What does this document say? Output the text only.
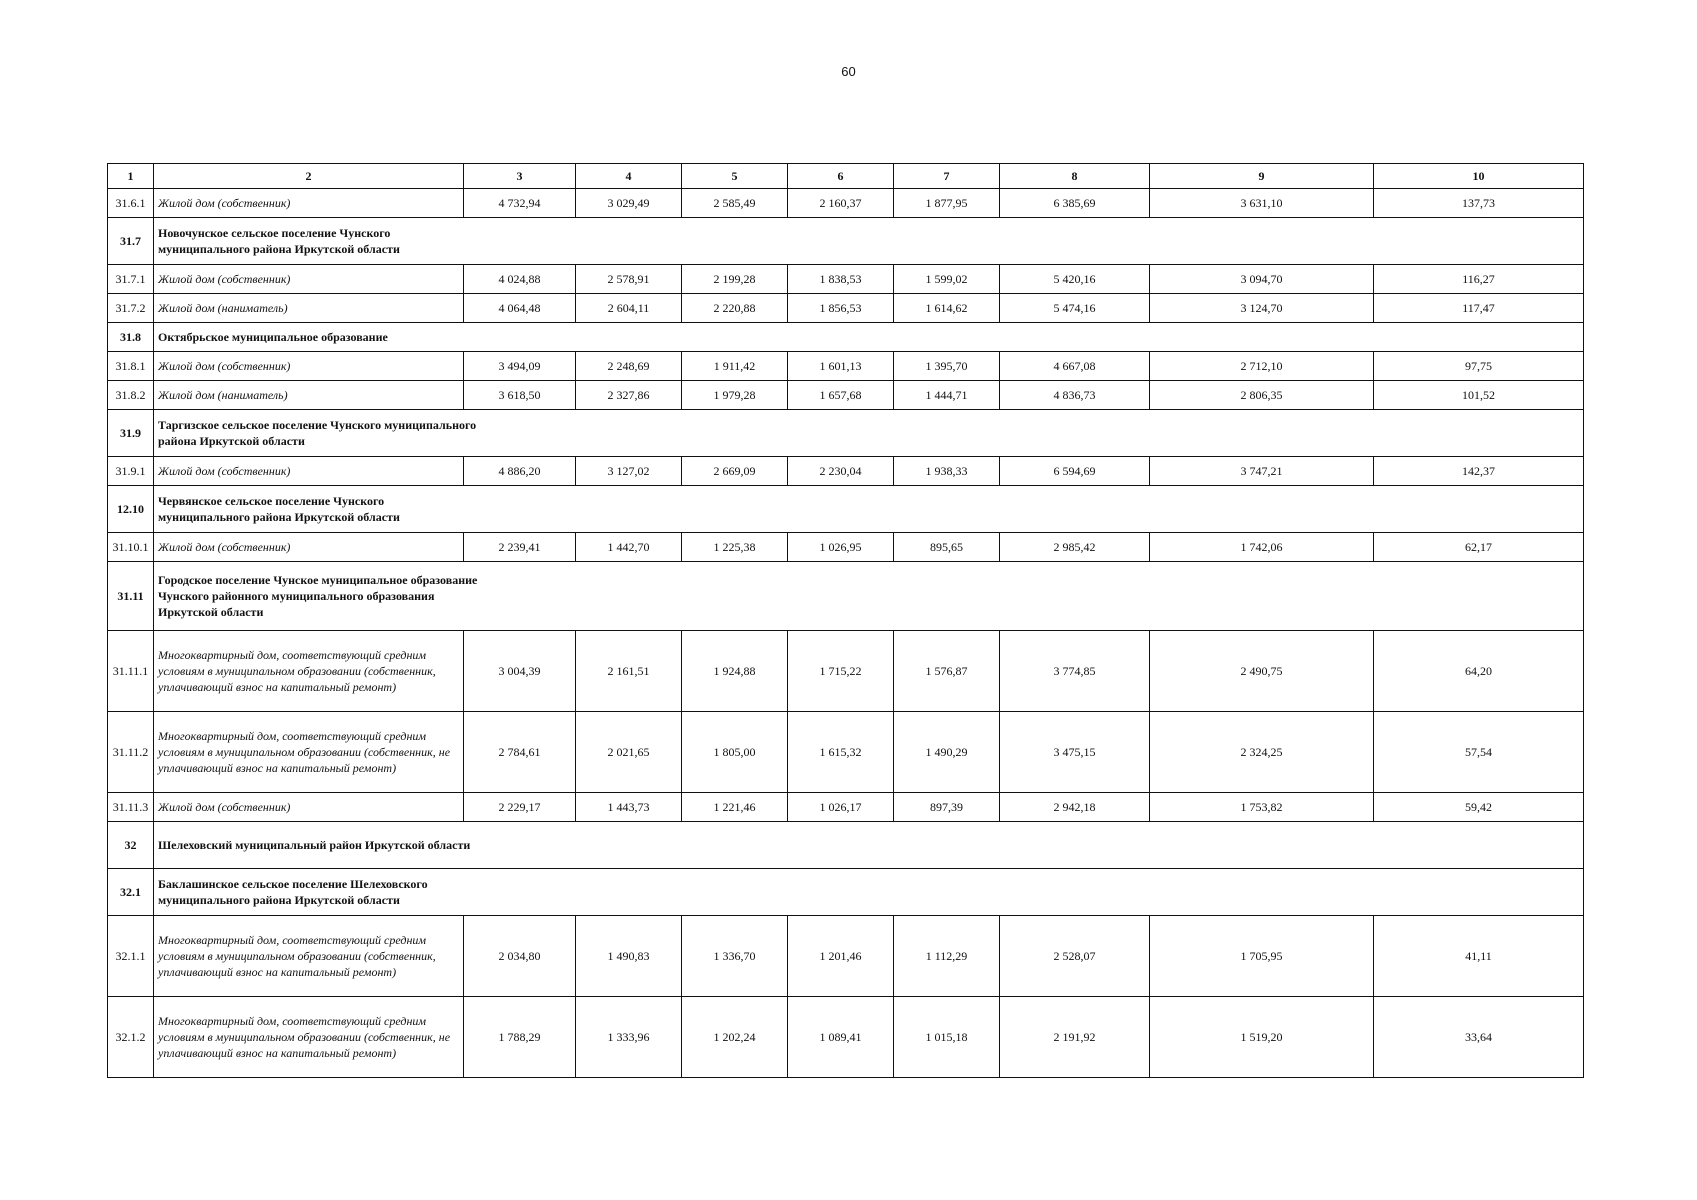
60
1	2	3	4	5	6	7	8	9	10
31.6.1	Жилой дом (собственник)	4 732,94	3 029,49	2 585,49	2 160,37	1 877,95	6 385,69	3 631,10	137,73
31.7	Новочунское сельское поселение Чунского муниципального района Иркутской области								

31.7.1	Жилой дом (собственник)	4 024,88	2 578,91	2 199,28	1 838,53	1 599,02	5 420,16	3 094,70	116,27
31.7.2	Жилой дом (наниматель)	4 064,48	2 604,11	2 220,88	1 856,53	1 614,62	5 474,16	3 124,70	117,47
31.8	Октябрьское муниципальное образование								

31.8.1	Жилой дом (собственник)	3 494,09	2 248,69	1 911,42	1 601,13	1 395,70	4 667,08	2 712,10	97,75
31.8.2	Жилой дом (наниматель)	3 618,50	2 327,86	1 979,28	1 657,68	1 444,71	4 836,73	2 806,35	101,52
31.9	Таргизское сельское поселение Чунского муниципального района Иркутской области								

31.9.1	Жилой дом (собственник)	4 886,20	3 127,02	2 669,09	2 230,04	1 938,33	6 594,69	3 747,21	142,37
12.10	Червянское сельское поселение Чунского муниципального района Иркутской области								

31.10.1	Жилой дом (собственник)	2 239,41	1 442,70	1 225,38	1 026,95	895,65	2 985,42	1 742,06	62,17
31.11	Городское поселение Чунское муниципальное образование Чунского районного муниципального образования Иркутской области								

31.11.1	Многоквартирный дом, соответствующий средним условиям в муниципальном образовании (собственник, уплачивающий взнос на капитальный ремонт)	3 004,39	2 161,51	1 924,88	1 715,22	1 576,87	3 774,85	2 490,75	64,20
31.11.2	Многоквартирный дом, соответствующий средним условиям в муниципальном образовании (собственник, не уплачивающий взнос на капитальный ремонт)	2 784,61	2 021,65	1 805,00	1 615,32	1 490,29	3 475,15	2 324,25	57,54
31.11.3	Жилой дом (собственник)	2 229,17	1 443,73	1 221,46	1 026,17	897,39	2 942,18	1 753,82	59,42
32	Шелеховский муниципальный район Иркутской области								

32.1	Баклашинское сельское поселение Шелеховского муниципального района Иркутской области								

32.1.1	Многоквартирный дом, соответствующий средним условиям в муниципальном образовании (собственник, уплачивающий взнос на капитальный ремонт)	2 034,80	1 490,83	1 336,70	1 201,46	1 112,29	2 528,07	1 705,95	41,11
32.1.2	Многоквартирный дом, соответствующий средним условиям в муниципальном образовании (собственник, не уплачивающий взнос на капитальный ремонт)	1 788,29	1 333,96	1 202,24	1 089,41	1 015,18	2 191,92	1 519,20	33,64
